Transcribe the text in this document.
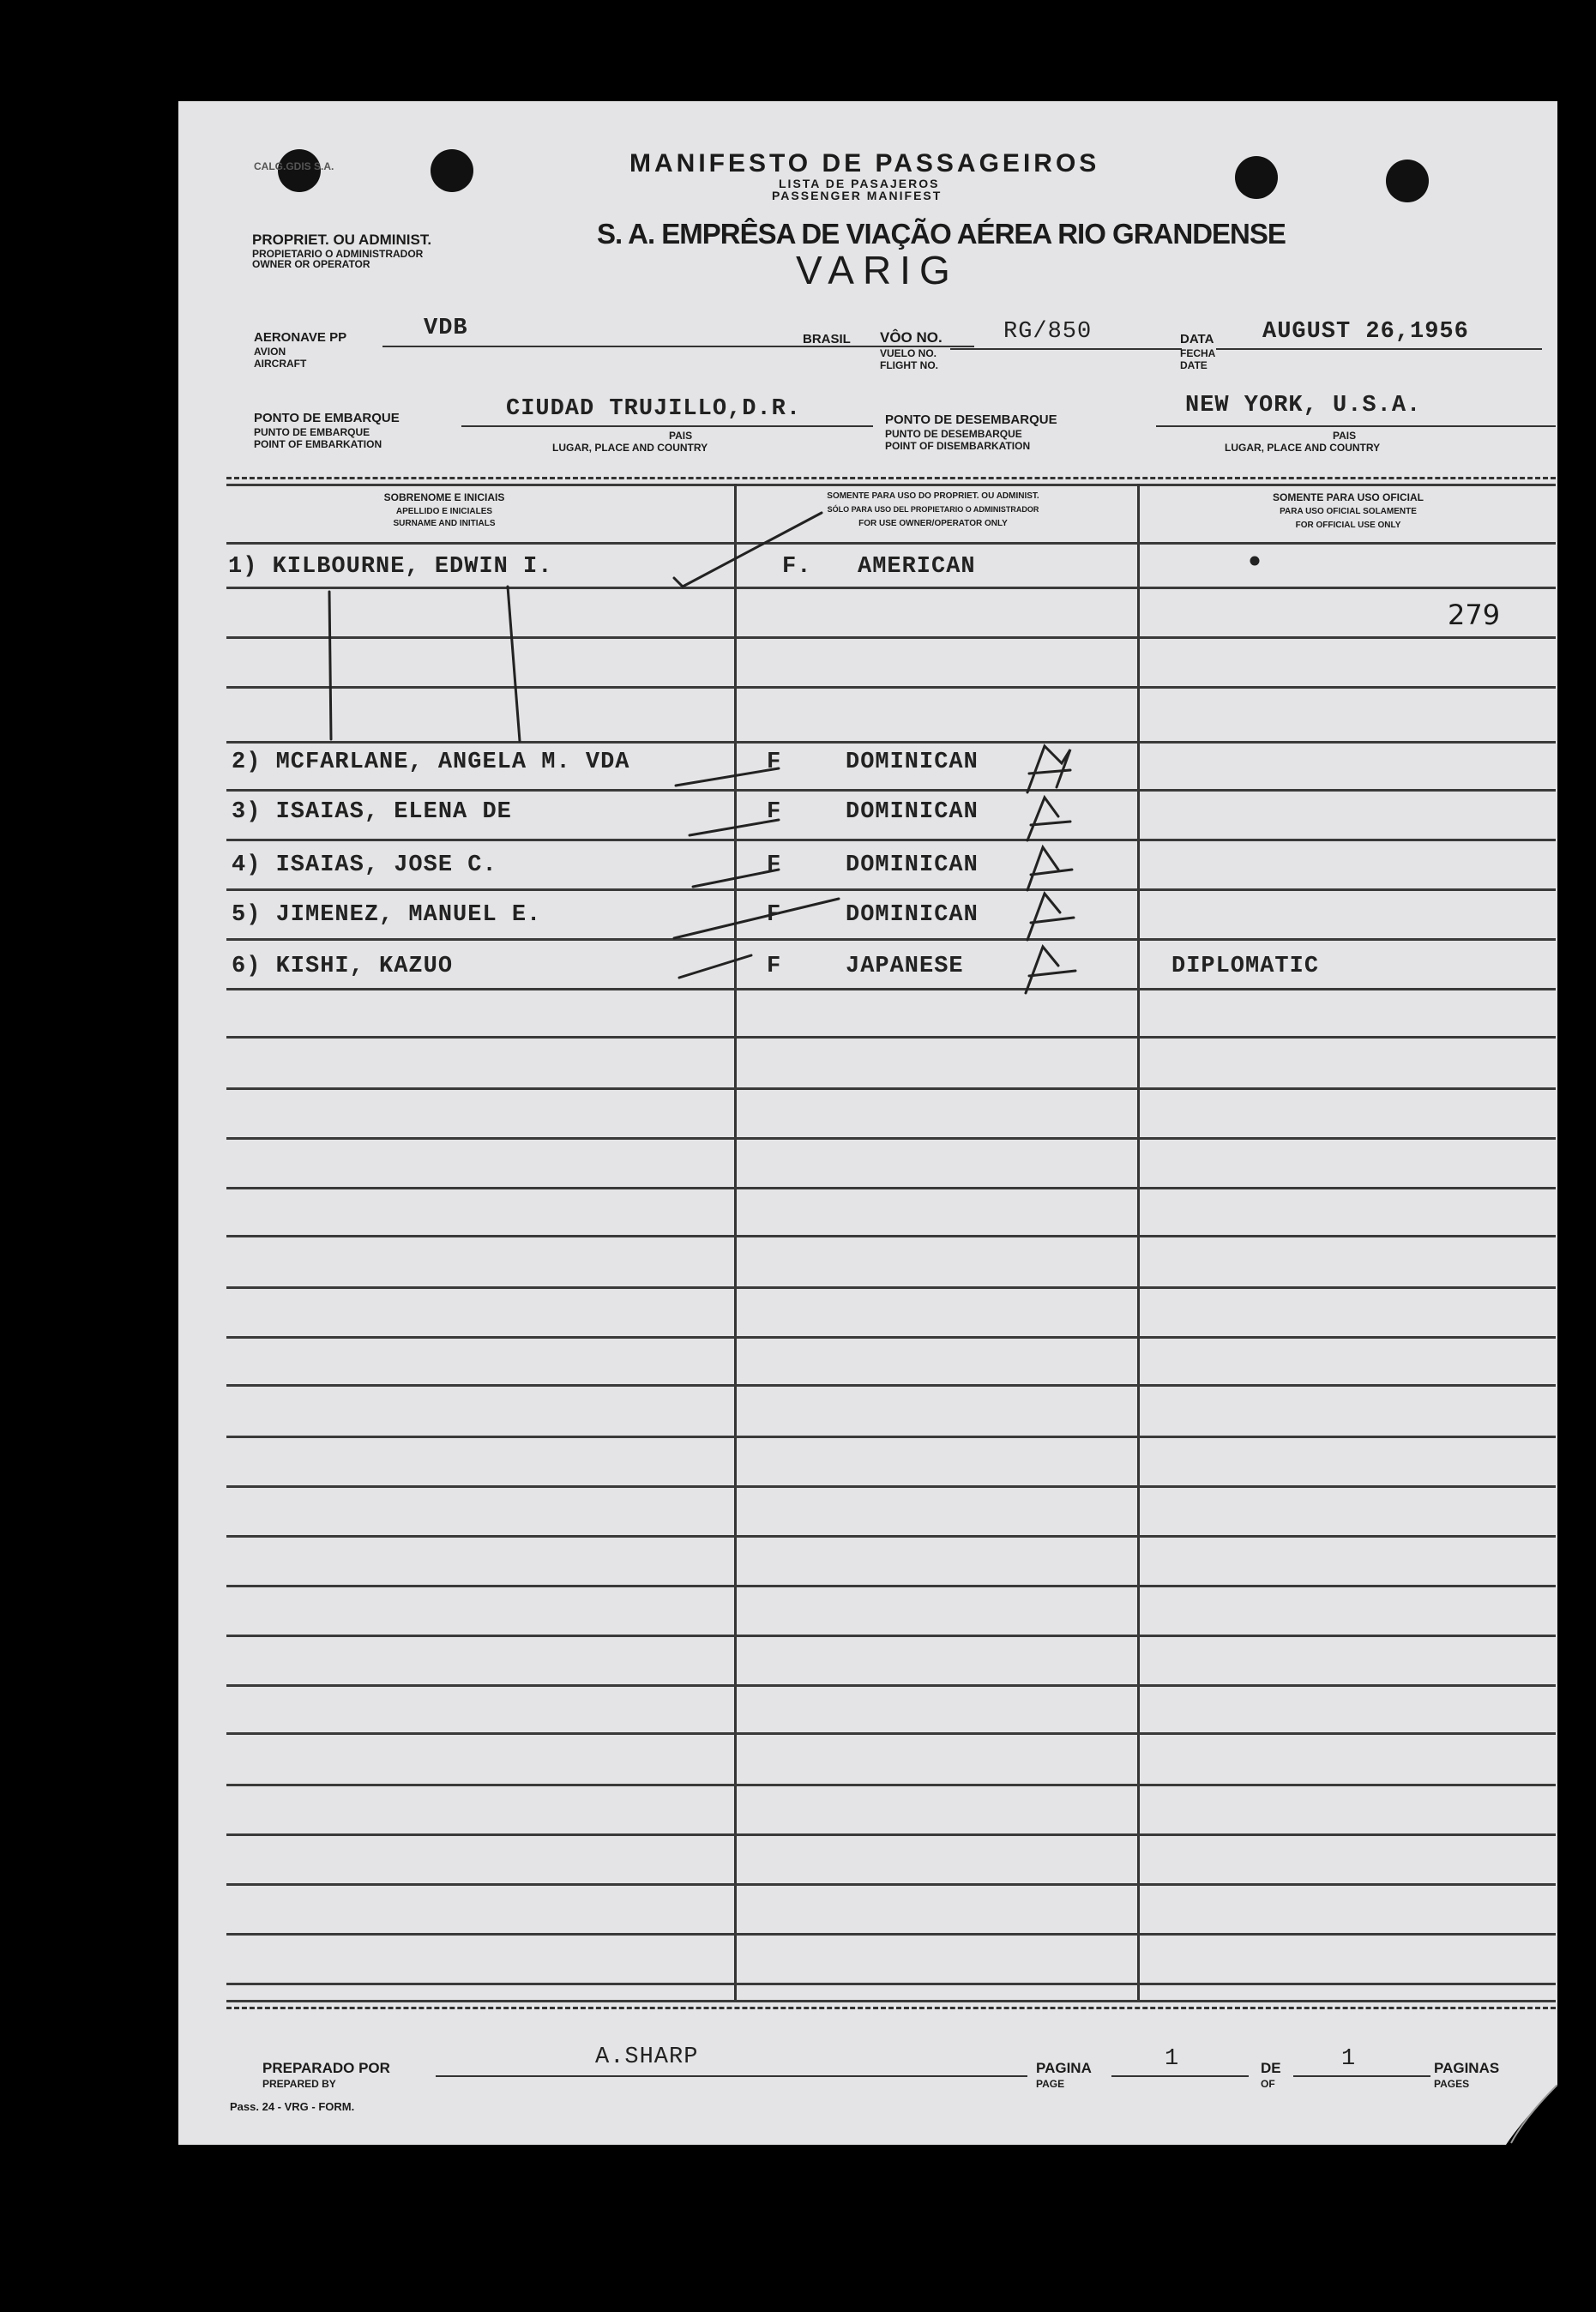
CALG.GDIS S.A.	MANIFESTO DE PASSAGEIROS
LISTA DE PASAJEROS
PASSENGER MANIFEST
PROPRIET. OU ADMINIST.
PROPIETARIO O ADMINISTRADOR
OWNER OR OPERATOR
S. A. EMPRÊSA DE VIAÇÃO AÉREA RIO GRANDENSE
VARIG
AERONAVE PP
AVION
AIRCRAFT
VDB	BRASIL VÔO NO.
VUELO NO.
FLIGHT NO.
RG/850	DATA
FECHA
DATE
AUGUST 26,1956
PONTO DE EMBARQUE
PUNTO DE EMBARQUE
POINT OF EMBARKATION
CIUDAD TRUJILLO,D.R.
PAIS
LUGAR, PLACE AND COUNTRY
PONTO DE DESEMBARQUE
PUNTO DE DESEMBARQUE
POINT OF DISEMBARKATION
NEW YORK, U.S.A.
PAIS
LUGAR, PLACE AND COUNTRY
SOBRENOME E INICIAIS
APELLIDO E INICIALES
SURNAME AND INITIALS
SOMENTE PARA USO DO PROPRIET. OU ADMINIST.
SÓLO PARA USO DEL PROPIETARIO O ADMINISTRADOR
FOR USE OWNER/OPERATOR ONLY
SOMENTE PARA USO OFICIAL
PARA USO OFICIAL SOLAMENTE
FOR OFFICIAL USE ONLY
1) KILBOURNE, EDWIN I.	F. AMERICAN
279
2) MCFARLANE, ANGELA M. VDA	F	DOMINICAN
3) ISAIAS, ELENA DE	F	DOMINICAN
4) ISAIAS, JOSE C.	F	DOMINICAN
5) JIMENEZ, MANUEL E.	F	DOMINICAN
6) KISHI, KAZUO	F	JAPANESE	DIPLOMATIC
PREPARADO POR
PREPARED BY
A.SHARP	PAGINA
PAGE
1	DE
OF
1	PAGINAS
PAGES
Pass. 24 - VRG - FORM.
